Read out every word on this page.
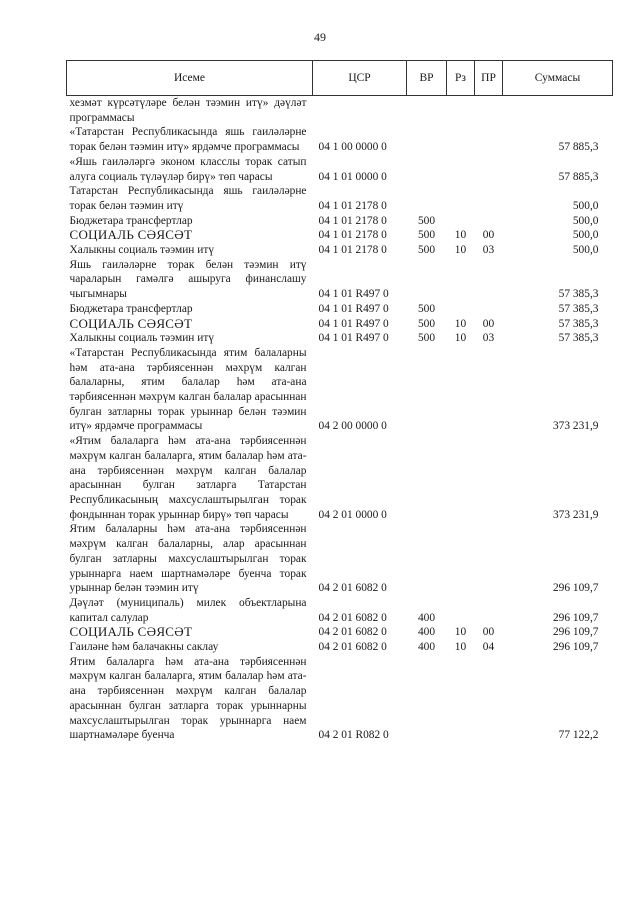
49
Исеме	ЦСР	ВР	Рз	ПР	Суммасы
хезмәт күрсәтүләре белән тәэмин итү» дәүләт программасы					
«Татарстан Республикасында яшь гаиләләрне торак белән тәэмин итү» ярдәмче программасы	04 1 00 0000 0				57 885,3
«Яшь гаиләләргә эконом класслы торак сатып алуга социаль түләүләр бирү» төп чарасы	04 1 01 0000 0				57 885,3
Татарстан Республикасында яшь гаиләләрне торак белән тәэмин итү	04 1 01 2178 0				500,0
Бюджетара трансфертлар	04 1 01 2178 0	500			500,0
СОЦИАЛЬ СӘЯСӘТ	04 1 01 2178 0	500	10	00	500,0
Халыкны социаль тәэмин итү	04 1 01 2178 0	500	10	03	500,0
Яшь гаиләләрне торак белән тәэмин итү чараларын гамәлгә ашыруга финанслашу чыгымнары	04 1 01 R497 0				57 385,3
Бюджетара трансфертлар	04 1 01 R497 0	500			57 385,3
СОЦИАЛЬ СӘЯСӘТ	04 1 01 R497 0	500	10	00	57 385,3
Халыкны социаль тәэмин итү	04 1 01 R497 0	500	10	03	57 385,3
«Татарстан Республикасында ятим балаларны һәм ата-ана тәрбиясеннән мәхрүм калган балаларны, ятим балалар һәм ата-ана тәрбиясеннән мәхрүм калган балалар арасыннан булган затларны торак урыннар белән тәэмин итү» ярдәмче программасы	04 2 00 0000 0				373 231,9
«Ятим балаларга һәм ата-ана тәрбиясеннән мәхрүм калган балаларга, ятим балалар һәм ата-ана тәрбиясеннән мәхрүм калган балалар арасыннан булган затларга Татарстан Республикасының махсуслаштырылган торак фондыннан торак урыннар бирү» төп чарасы	04 2 01 0000 0				373 231,9
Ятим балаларны һәм ата-ана тәрбиясеннән мәхрүм калган балаларны, алар арасыннан булган затларны махсуслаштырылган торак урыннарга наем шартнамәләре буенча торак урыннар белән тәэмин итү	04 2 01 6082 0				296 109,7
Дәүләт (муниципаль) милек объектларына капитал салулар	04 2 01 6082 0	400			296 109,7
СОЦИАЛЬ СӘЯСӘТ	04 2 01 6082 0	400	10	00	296 109,7
Гаиләне һәм балачакны саклау	04 2 01 6082 0	400	10	04	296 109,7
Ятим балаларга һәм ата-ана тәрбиясеннән мәхрүм калган балаларга, ятим балалар һәм ата-ана тәрбиясеннән мәхрүм калган балалар арасыннан булган затларга торак урыннарны махсуслаштырылган торак урыннарга наем шартнамәләре буенча	04 2 01 R082 0				77 122,2
